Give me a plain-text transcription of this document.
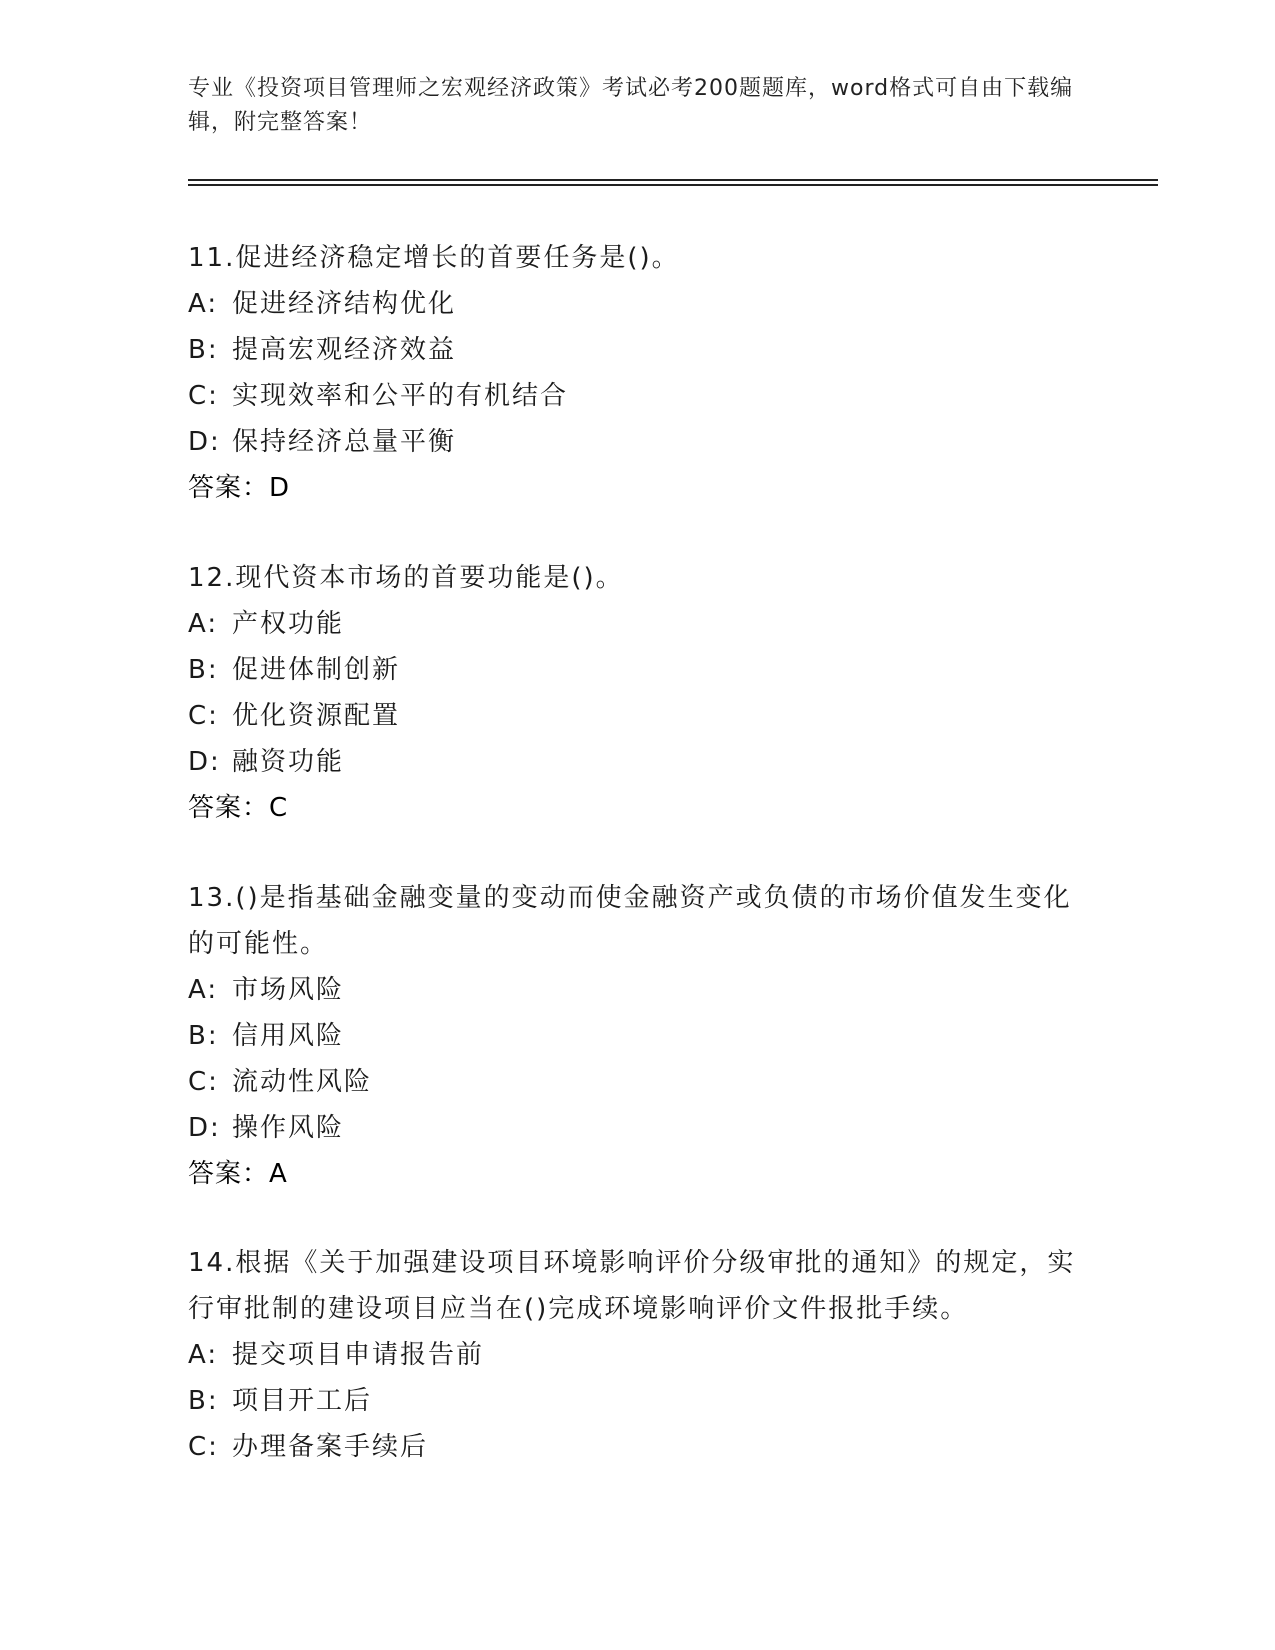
专业《投资项目管理师之宏观经济政策》考试必考200题题库，word格式可自由下载编辑，附完整答案！

11.促进经济稳定增长的首要任务是()。

A: 促进经济结构优化

B: 提高宏观经济效益

C: 实现效率和公平的有机结合

D: 保持经济总量平衡

答案：D

12.现代资本市场的首要功能是()。

A: 产权功能

B: 促进体制创新

C: 优化资源配置

D: 融资功能

答案：C

13.()是指基础金融变量的变动而使金融资产或负债的市场价值发生变化的可能性。

A: 市场风险

B: 信用风险

C: 流动性风险

D: 操作风险

答案：A

14.根据《关于加强建设项目环境影响评价分级审批的通知》的规定，实行审批制的建设项目应当在()完成环境影响评价文件报批手续。

A: 提交项目申请报告前

B: 项目开工后

C: 办理备案手续后
